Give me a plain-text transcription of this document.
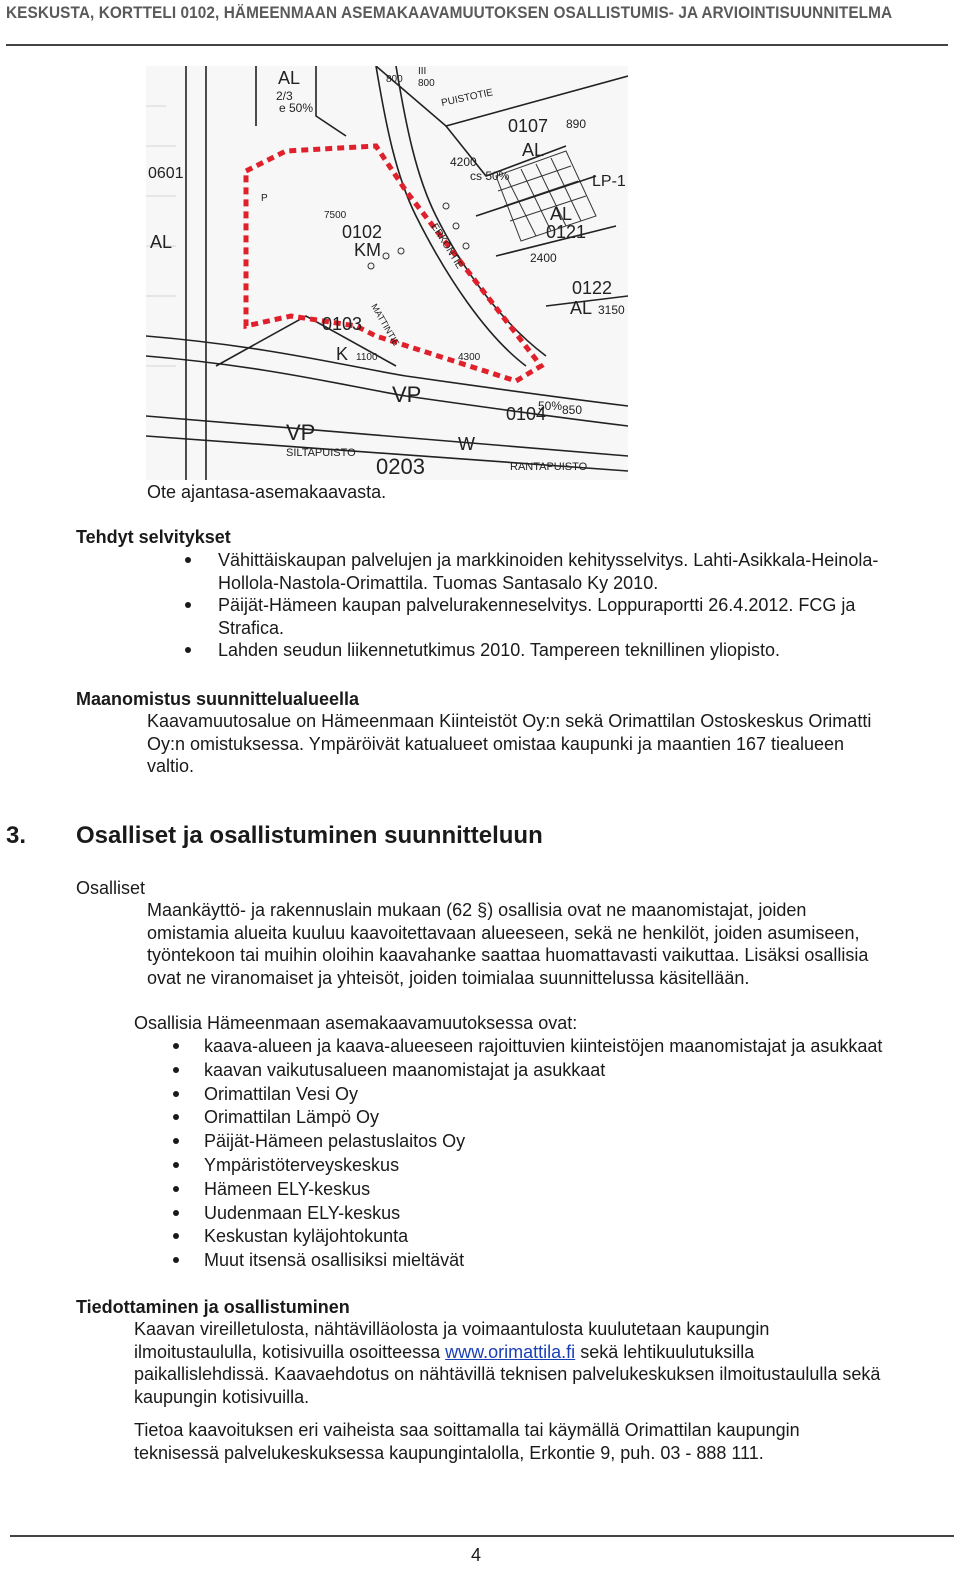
KESKUSTA, KORTTELI 0102, HÄMEENMAAN ASEMAKAAVAMUUTOKSEN OSALLISTUMIS- JA ARVIOINTISUUNNITELMA
AL
2/3
e 50%
800 800
III
0601
AL
PUISTOTIE
0107 890
AL
4200
cs 50%	LP-1
ERKONTIE
7500
0102
KM
AL
0121
2400
0122
AL 3150
0103
K 1100	4300
MATTINTIE
VP	50%
0104 850
VP
SILTAPUISTO	W
0203	RANTAPUISTO
P
Ote ajantasa-asemakaavasta.
Tehdyt selvitykset
Vähittäiskaupan palvelujen ja markkinoiden kehitysselvitys. Lahti-Asikkala-Heinola-
Hollola-Nastola-Orimattila. Tuomas Santasalo Ky 2010.
Päijät-Hämeen kaupan palvelurakenneselvitys. Loppuraportti 26.4.2012. FCG ja
Strafica.
Lahden seudun liikennetutkimus 2010. Tampereen teknillinen yliopisto.
Maanomistus suunnittelualueella
Kaavamuutosalue on Hämeenmaan Kiinteistöt Oy:n sekä Orimattilan Ostoskeskus Orimatti
Oy:n omistuksessa. Ympäröivät katualueet omistaa kaupunki ja maantien 167 tiealueen
valtio.
3. Osalliset ja osallistuminen suunnitteluun
Osalliset
Maankäyttö- ja rakennuslain mukaan (62 §) osallisia ovat ne maanomistajat, joiden
omistamia alueita kuuluu kaavoitettavaan alueeseen, sekä ne henkilöt, joiden asumiseen,
työntekoon tai muihin oloihin kaavahanke saattaa huomattavasti vaikuttaa. Lisäksi osallisia
ovat ne viranomaiset ja yhteisöt, joiden toimialaa suunnittelussa käsitellään.
Osallisia Hämeenmaan asemakaavamuutoksessa ovat:
kaava-alueen ja kaava-alueeseen rajoittuvien kiinteistöjen maanomistajat ja asukkaat
kaavan vaikutusalueen maanomistajat ja asukkaat
Orimattilan Vesi Oy
Orimattilan Lämpö Oy
Päijät-Hämeen pelastuslaitos Oy
Ympäristöterveyskeskus
Hämeen ELY-keskus
Uudenmaan ELY-keskus
Keskustan kyläjohtokunta
Muut itsensä osallisiksi mieltävät
Tiedottaminen ja osallistuminen
Kaavan vireilletulosta, nähtävilläolosta ja voimaantulosta kuulutetaan kaupungin
ilmoitustaululla, kotisivuilla osoitteessa www.orimattila.fi sekä lehtikuulutuksilla
paikallislehdissä. Kaavaehdotus on nähtävillä teknisen palvelukeskuksen ilmoitustaululla sekä
kaupungin kotisivuilla.
Tietoa kaavoituksen eri vaiheista saa soittamalla tai käymällä Orimattilan kaupungin
teknisessä palvelukeskuksessa kaupungintalolla, Erkontie 9, puh. 03 - 888 111.
4
